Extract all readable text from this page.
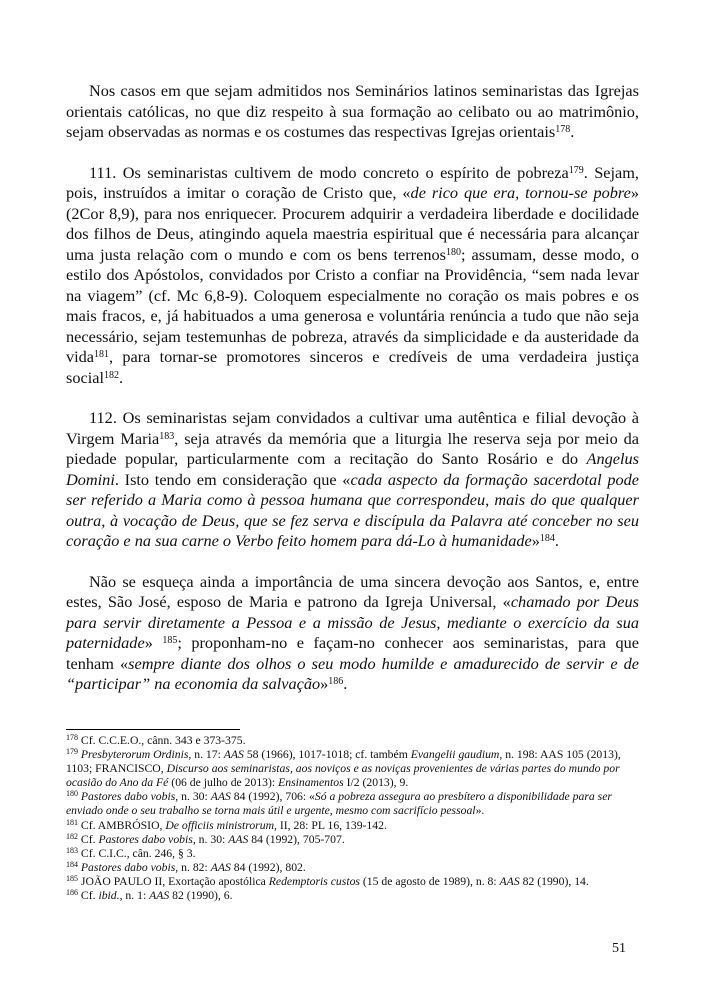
Nos casos em que sejam admitidos nos Seminários latinos seminaristas das Igrejas orientais católicas, no que diz respeito à sua formação ao celibato ou ao matrimônio, sejam observadas as normas e os costumes das respectivas Igrejas orientais$^{178}$.

111. Os seminaristas cultivem de modo concreto o espírito de pobreza$^{179}$. Sejam, pois, instruídos a imitar o coração de Cristo que, «de rico que era, tornou-se pobre» (2Cor 8,9), para nos enriquecer. Procurem adquirir a verdadeira liberdade e docilidade dos filhos de Deus, atingindo aquela maestria espiritual que é necessária para alcançar uma justa relação com o mundo e com os bens terrenos$^{180}$; assumam, desse modo, o estilo dos Apóstolos, convidados por Cristo a confiar na Providência, “sem nada levar na viagem” (cf. Mc 6,8-9). Coloquem especialmente no coração os mais pobres e os mais fracos, e, já habituados a uma generosa e voluntária renúncia a tudo que não seja necessário, sejam testemunhas de pobreza, através da simplicidade e da austeridade da vida$^{181}$, para tornar-se promotores sinceros e credíveis de uma verdadeira justiça social$^{182}$.

112. Os seminaristas sejam convidados a cultivar uma autêntica e filial devoção à Virgem Maria$^{183}$, seja através da memória que a liturgia lhe reserva seja por meio da piedade popular, particularmente com a recitação do Santo Rosário e do Angelus Domini. Isto tendo em consideração que «cada aspecto da formação sacerdotal pode ser referido a Maria como à pessoa humana que correspondeu, mais do que qualquer outra, à vocação de Deus, que se fez serva e discípula da Palavra até conceber no seu coração e na sua carne o Verbo feito homem para dá-Lo à humanidade»$^{184}$.

Não se esqueça ainda a importância de uma sincera devoção aos Santos, e, entre estes, São José, esposo de Maria e patrono da Igreja Universal, «chamado por Deus para servir diretamente a Pessoa e a missão de Jesus, mediante o exercício da sua paternidade» $^{185}$; proponham-no e façam-no conhecer aos seminaristas, para que tenham «sempre diante dos olhos o seu modo humilde e amadurecido de servir e de “participar” na economia da salvação»$^{186}$.

$^{178}$ Cf. C.C.E.O., cânn. 343 e 373-375.

$^{179}$ Presbyterorum Ordinis, n. 17: AAS 58 (1966), 1017-1018; cf. também Evangelii gaudium, n. 198: AAS 105 (2013), 1103; FRANCISCO, Discurso aos seminaristas, aos noviços e as noviças provenientes de várias partes do mundo por ocasião do Ano da Fé (06 de julho de 2013): Ensinamentos I/2 (2013), 9.

$^{180}$ Pastores dabo vobis, n. 30: AAS 84 (1992), 706: «Só a pobreza assegura ao presbítero a disponibilidade para ser enviado onde o seu trabalho se torna mais útil e urgente, mesmo com sacrifício pessoal».

$^{181}$ Cf. AMBRÓSIO, De officiis ministrorum, II, 28: PL 16, 139-142.

$^{182}$ Cf. Pastores dabo vobis, n. 30: AAS 84 (1992), 705-707.

$^{183}$ Cf. C.I.C., cân. 246, § 3.

$^{184}$ Pastores dabo vobis, n. 82: AAS 84 (1992), 802.

$^{185}$ JOÃO PAULO II, Exortação apostólica Redemptoris custos (15 de agosto de 1989), n. 8: AAS 82 (1990), 14.

$^{186}$ Cf. ibid., n. 1: AAS 82 (1990), 6.

51
